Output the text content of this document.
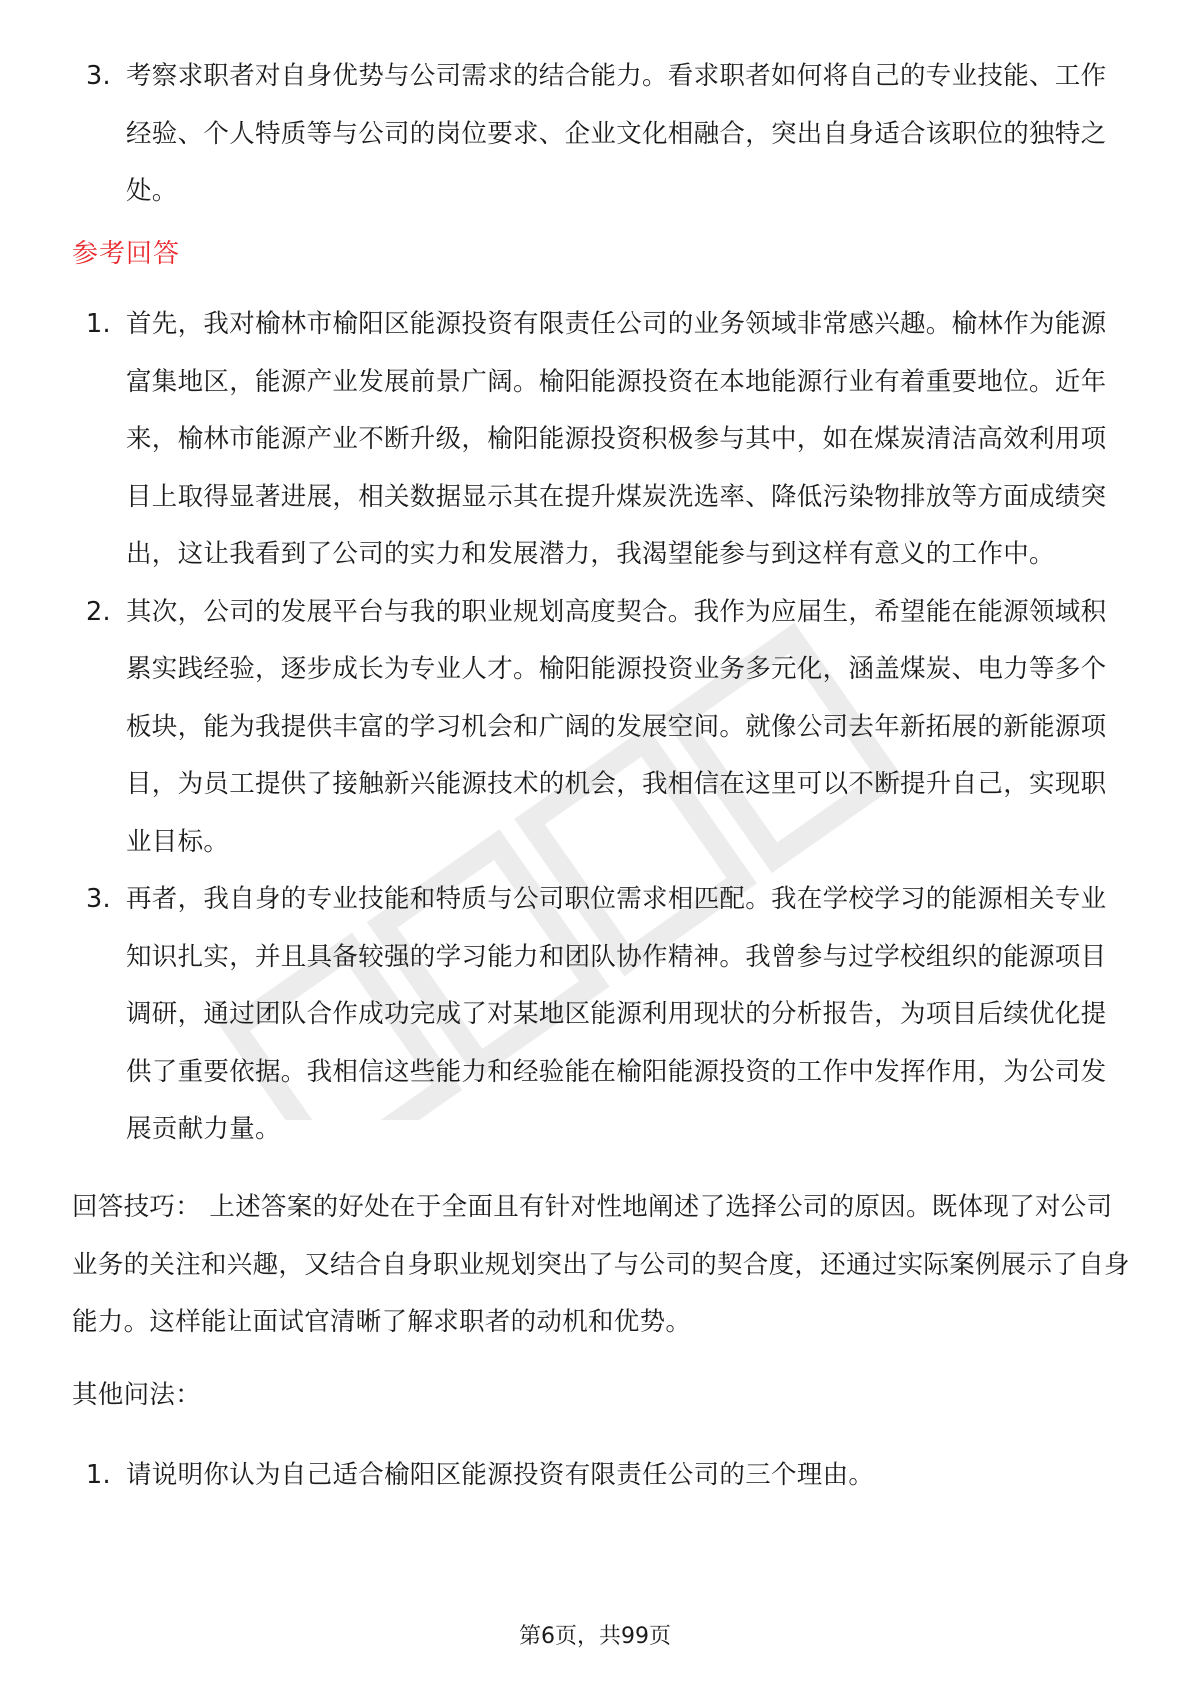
3. 考察求职者对自身优势与公司需求的结合能力。看求职者如何将自己的专业技能、工作经验、个人特质等与公司的岗位要求、企业文化相融合，突出自身适合该职位的独特之处。
参考回答
1. 首先，我对榆林市榆阳区能源投资有限责任公司的业务领域非常感兴趣。榆林作为能源富集地区，能源产业发展前景广阔。榆阳能源投资在本地能源行业有着重要地位。近年来，榆林市能源产业不断升级，榆阳能源投资积极参与其中，如在煤炭清洁高效利用项目上取得显著进展，相关数据显示其在提升煤炭洗选率、降低污染物排放等方面成绩突出，这让我看到了公司的实力和发展潜力，我渴望能参与到这样有意义的工作中。
2. 其次，公司的发展平台与我的职业规划高度契合。我作为应届生，希望能在能源领域积累实践经验，逐步成长为专业人才。榆阳能源投资业务多元化，涵盖煤炭、电力等多个板块，能为我提供丰富的学习机会和广阔的发展空间。就像公司去年新拓展的新能源项目，为员工提供了接触新兴能源技术的机会，我相信在这里可以不断提升自己，实现职业目标。
3. 再者，我自身的专业技能和特质与公司职位需求相匹配。我在学校学习的能源相关专业知识扎实，并且具备较强的学习能力和团队协作精神。我曾参与过学校组织的能源项目调研，通过团队合作成功完成了对某地区能源利用现状的分析报告，为项目后续优化提供了重要依据。我相信这些能力和经验能在榆阳能源投资的工作中发挥作用，为公司发展贡献力量。
回答技巧： 上述答案的好处在于全面且有针对性地阐述了选择公司的原因。既体现了对公司业务的关注和兴趣，又结合自身职业规划突出了与公司的契合度，还通过实际案例展示了自身能力。这样能让面试官清晰了解求职者的动机和优势。
其他问法：
1. 请说明你认为自己适合榆阳区能源投资有限责任公司的三个理由。
第6页，共99页
